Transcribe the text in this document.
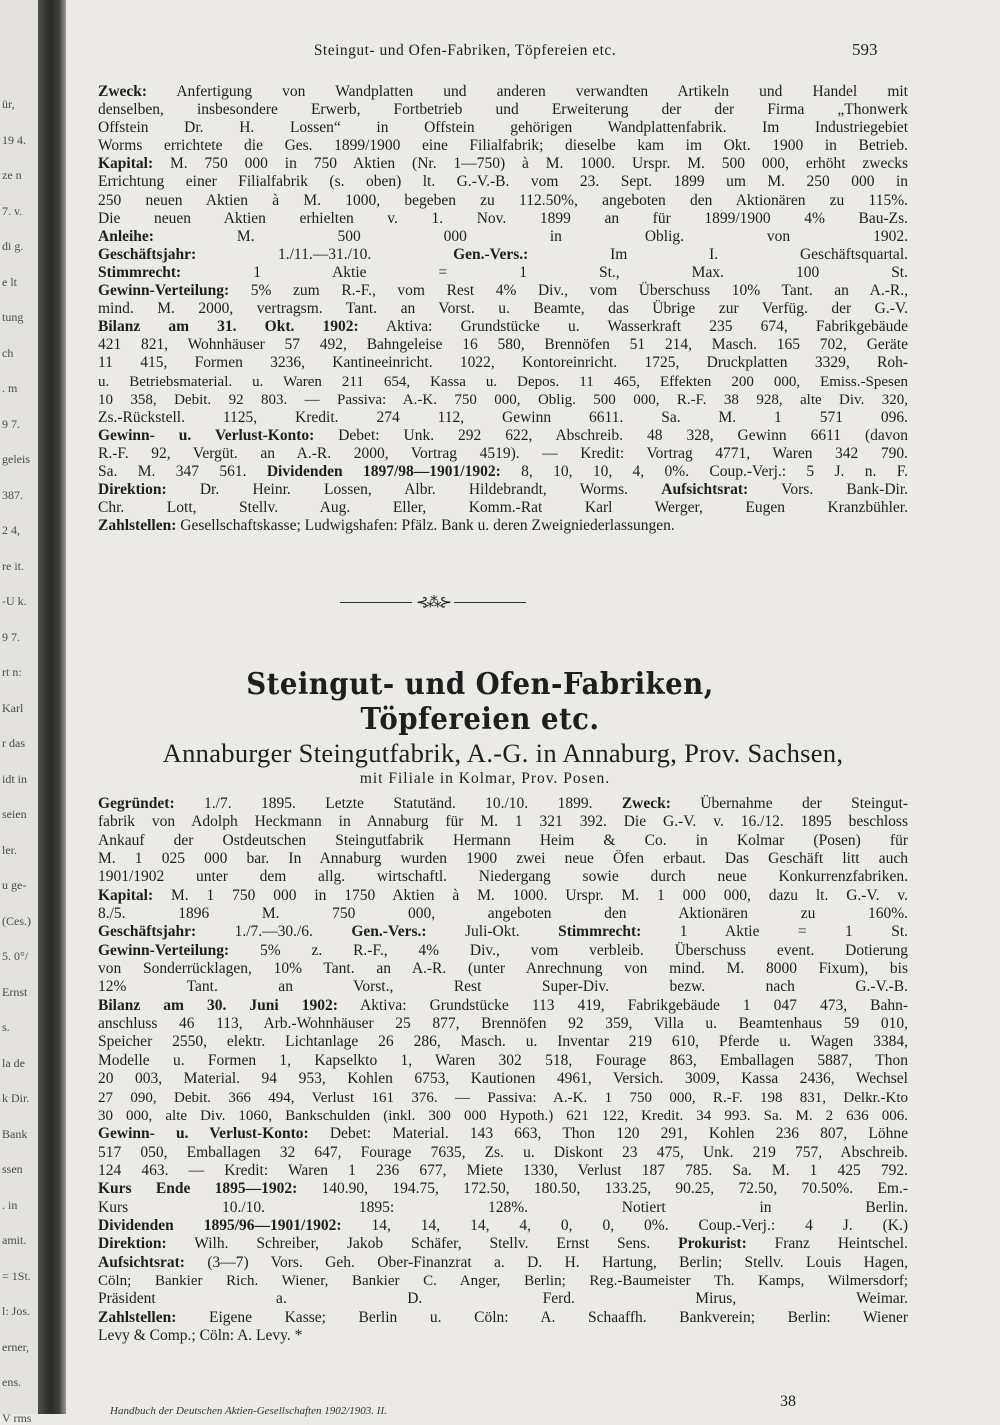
ür,
19 4.
ze n
7. v.
di g.
e lt
tung
ch
. m
9 7.
geleis
387.
2 4,
re it.
-U k.
9 7.
rt n:
Karl
r das
idt in
seien
ler.
u ge-
(Ces.)
5. 0°/
Ernst
s.
la de
k Dir.
Bank
ssen
. in
amit.
= 1St.
l: Jos.
erner,
ens.
V rms
Steingut- und Ofen-Fabriken, Töpfereien etc.	593
Zweck: Anfertigung von Wandplatten und anderen verwandten Artikeln und Handel mit
denselben, insbesondere Erwerb, Fortbetrieb und Erweiterung der der Firma „Thonwerk
Offstein Dr. H. Lossen“ in Offstein gehörigen Wandplattenfabrik. Im Industriegebiet
Worms errichtete die Ges. 1899/1900 eine Filialfabrik; dieselbe kam im Okt. 1900 in Betrieb.
Kapital: M. 750 000 in 750 Aktien (Nr. 1—750) à M. 1000. Urspr. M. 500 000, erhöht zwecks
Errichtung einer Filialfabrik (s. oben) lt. G.-V.-B. vom 23. Sept. 1899 um M. 250 000 in
250 neuen Aktien à M. 1000, begeben zu 112.50%, angeboten den Aktionären zu 115%.
Die neuen Aktien erhielten v. 1. Nov. 1899 an für 1899/1900 4% Bau-Zs.
Anleihe: M. 500 000 in Oblig. von 1902.
Geschäftsjahr: 1./11.—31./10. Gen.-Vers.: Im I. Geschäftsquartal.
Stimmrecht: 1 Aktie = 1 St., Max. 100 St.
Gewinn-Verteilung: 5% zum R.-F., vom Rest 4% Div., vom Überschuss 10% Tant. an A.-R.,
mind. M. 2000, vertragsm. Tant. an Vorst. u. Beamte, das Übrige zur Verfüg. der G.-V.
Bilanz am 31. Okt. 1902: Aktiva: Grundstücke u. Wasserkraft 235 674, Fabrikgebäude
421 821, Wohnhäuser 57 492, Bahngeleise 16 580, Brennöfen 51 214, Masch. 165 702, Geräte
11 415, Formen 3236, Kantineeinricht. 1022, Kontoreinricht. 1725, Druckplatten 3329, Roh-
u. Betriebsmaterial. u. Waren 211 654, Kassa u. Depos. 11 465, Effekten 200 000, Emiss.-Spesen
10 358, Debit. 92 803. — Passiva: A.-K. 750 000, Oblig. 500 000, R.-F. 38 928, alte Div. 320,
Zs.-Rückstell. 1125, Kredit. 274 112, Gewinn 6611. Sa. M. 1 571 096.
Gewinn- u. Verlust-Konto: Debet: Unk. 292 622, Abschreib. 48 328, Gewinn 6611 (davon
R.-F. 92, Vergüt. an A.-R. 2000, Vortrag 4519). — Kredit: Vortrag 4771, Waren 342 790.
Sa. M. 347 561. Dividenden 1897/98—1901/1902: 8, 10, 10, 4, 0%. Coup.-Verj.: 5 J. n. F.
Direktion: Dr. Heinr. Lossen, Albr. Hildebrandt, Worms. Aufsichtsrat: Vors. Bank-Dir.
Chr. Lott, Stellv. Aug. Eller, Komm.-Rat Karl Werger, Eugen Kranzbühler.
Zahlstellen: Gesellschaftskasse; Ludwigshafen: Pfälz. Bank u. deren Zweigniederlassungen.
⊰⁂⊱
Steingut- und Ofen-Fabriken, Töpfereien etc.
Annaburger Steingutfabrik, A.-G. in Annaburg, Prov. Sachsen,
mit Filiale in Kolmar, Prov. Posen.
Gegründet: 1./7. 1895. Letzte Statutänd. 10./10. 1899. Zweck: Übernahme der Steingut-
fabrik von Adolph Heckmann in Annaburg für M. 1 321 392. Die G.-V. v. 16./12. 1895 beschloss
Ankauf der Ostdeutschen Steingutfabrik Hermann Heim & Co. in Kolmar (Posen) für
M. 1 025 000 bar. In Annaburg wurden 1900 zwei neue Öfen erbaut. Das Geschäft litt auch
1901/1902 unter dem allg. wirtschaftl. Niedergang sowie durch neue Konkurrenzfabriken.
Kapital: M. 1 750 000 in 1750 Aktien à M. 1000. Urspr. M. 1 000 000, dazu lt. G.-V. v.
8./5. 1896 M. 750 000, angeboten den Aktionären zu 160%.
Geschäftsjahr: 1./7.—30./6. Gen.-Vers.: Juli-Okt. Stimmrecht: 1 Aktie = 1 St.
Gewinn-Verteilung: 5% z. R.-F., 4% Div., vom verbleib. Überschuss event. Dotierung
von Sonderrücklagen, 10% Tant. an A.-R. (unter Anrechnung von mind. M. 8000 Fixum), bis
12% Tant. an Vorst., Rest Super-Div. bezw. nach G.-V.-B.
Bilanz am 30. Juni 1902: Aktiva: Grundstücke 113 419, Fabrikgebäude 1 047 473, Bahn-
anschluss 46 113, Arb.-Wohnhäuser 25 877, Brennöfen 92 359, Villa u. Beamtenhaus 59 010,
Speicher 2550, elektr. Lichtanlage 26 286, Masch. u. Inventar 219 610, Pferde u. Wagen 3384,
Modelle u. Formen 1, Kapselkto 1, Waren 302 518, Fourage 863, Emballagen 5887, Thon
20 003, Material. 94 953, Kohlen 6753, Kautionen 4961, Versich. 3009, Kassa 2436, Wechsel
27 090, Debit. 366 494, Verlust 161 376. — Passiva: A.-K. 1 750 000, R.-F. 198 831, Delkr.-Kto
30 000, alte Div. 1060, Bankschulden (inkl. 300 000 Hypoth.) 621 122, Kredit. 34 993. Sa. M. 2 636 006.
Gewinn- u. Verlust-Konto: Debet: Material. 143 663, Thon 120 291, Kohlen 236 807, Löhne
517 050, Emballagen 32 647, Fourage 7635, Zs. u. Diskont 23 475, Unk. 219 757, Abschreib.
124 463. — Kredit: Waren 1 236 677, Miete 1330, Verlust 187 785. Sa. M. 1 425 792.
Kurs Ende 1895—1902: 140.90, 194.75, 172.50, 180.50, 133.25, 90.25, 72.50, 70.50%. Em.-
Kurs 10./10. 1895: 128%. Notiert in Berlin.
Dividenden 1895/96—1901/1902: 14, 14, 14, 4, 0, 0, 0%. Coup.-Verj.: 4 J. (K.)
Direktion: Wilh. Schreiber, Jakob Schäfer, Stellv. Ernst Sens. Prokurist: Franz Heintschel.
Aufsichtsrat: (3—7) Vors. Geh. Ober-Finanzrat a. D. H. Hartung, Berlin; Stellv. Louis Hagen,
Cöln; Bankier Rich. Wiener, Bankier C. Anger, Berlin; Reg.-Baumeister Th. Kamps, Wilmersdorf;
Präsident a. D. Ferd. Mirus, Weimar.
Zahlstellen: Eigene Kasse; Berlin u. Cöln: A. Schaaffh. Bankverein; Berlin: Wiener
Levy & Comp.; Cöln: A. Levy. *
38
Handbuch der Deutschen Aktien-Gesellschaften 1902/1903. II.
